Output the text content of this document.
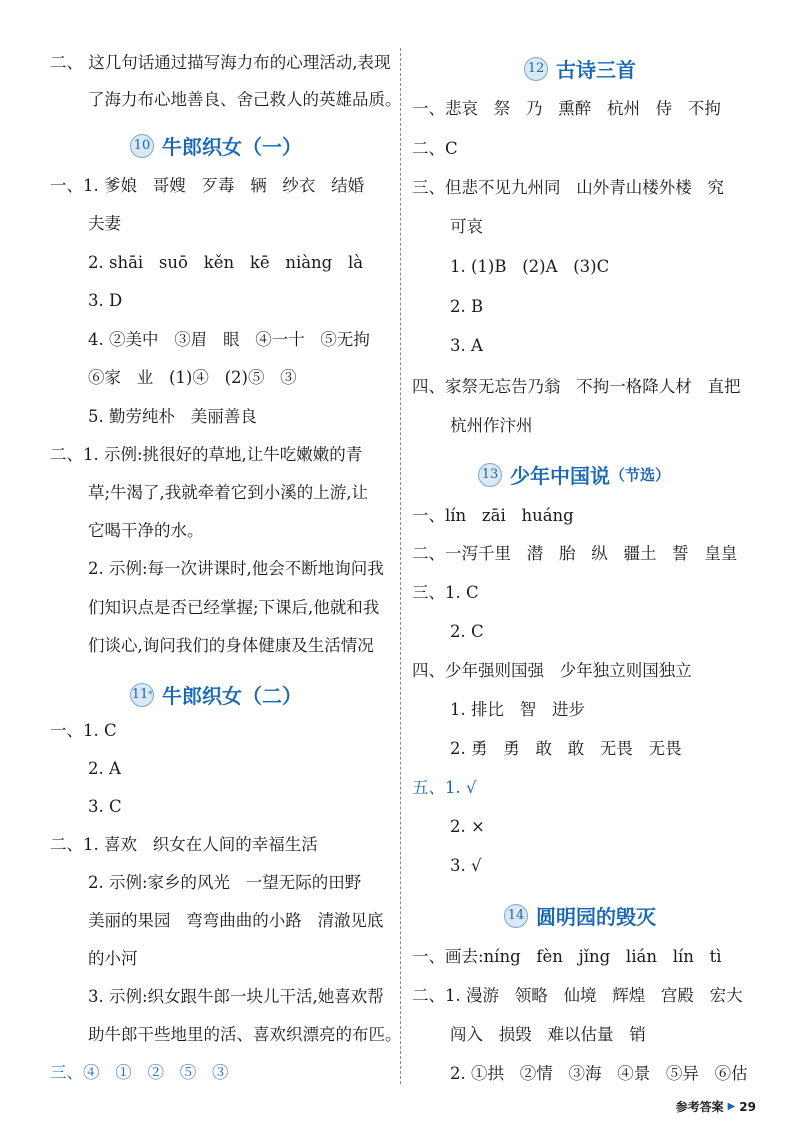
二、 这几句话通过描写海力布的心理活动,表现
了海力布心地善良、舍己救人的英雄品质。
10 牛郎织女（一）
一、1. 爹娘   哥嫂   歹毒   辆   纱衣   结婚
夫妻
2. shāi   suō   kěn   kē   niàng   là
3. D
4. ②美中   ③眉   眼   ④一十   ⑤无拘
⑥家   业   (1)④   (2)⑤   ③
5. 勤劳纯朴   美丽善良
二、1. 示例:挑很好的草地,让牛吃嫩嫩的青
草;牛渴了,我就牵着它到小溪的上游,让
它喝干净的水。
2. 示例:每一次讲课时,他会不断地询问我
们知识点是否已经掌握;下课后,他就和我
们谈心,询问我们的身体健康及生活情况
11 * 牛郎织女（二）
一、1. C
2. A
3. C
二、1. 喜欢   织女在人间的幸福生活
2. 示例:家乡的风光   一望无际的田野
美丽的果园   弯弯曲曲的小路   清澈见底
的小河
3. 示例:织女跟牛郎一块儿干活,她喜欢帮
助牛郎干些地里的活、喜欢织漂亮的布匹。
三、④   ①   ②   ⑤   ③
12 古诗三首
一、悲哀   祭   乃   熏醉   杭州   侍   不拘
二、C
三、但悲不见九州同   山外青山楼外楼   究
可哀
1. (1)B   (2)A   (3)C
2. B
3. A
四、家祭无忘告乃翁   不拘一格降人材   直把
杭州作汴州
13 少年中国说 （节选）
一、lín   zāi   huáng
二、一泻千里   潜   胎   纵   疆土   誓   皇皇
三、1. C
2. C
四、少年强则国强   少年独立则国独立
1. 排比   智   进步
2. 勇   勇   敢   敢   无畏   无畏
五、1. √
2. ×
3. √
14 圆明园的毁灭
一、画去:níng   fèn   jǐng   lián   lín   tì
二、1. 漫游   领略   仙境   辉煌   宫殿   宏大
闯入   损毁   难以估量   销
2. ①拱   ②情   ③海   ④景   ⑤异   ⑥估
参考答案 ▶ 29
